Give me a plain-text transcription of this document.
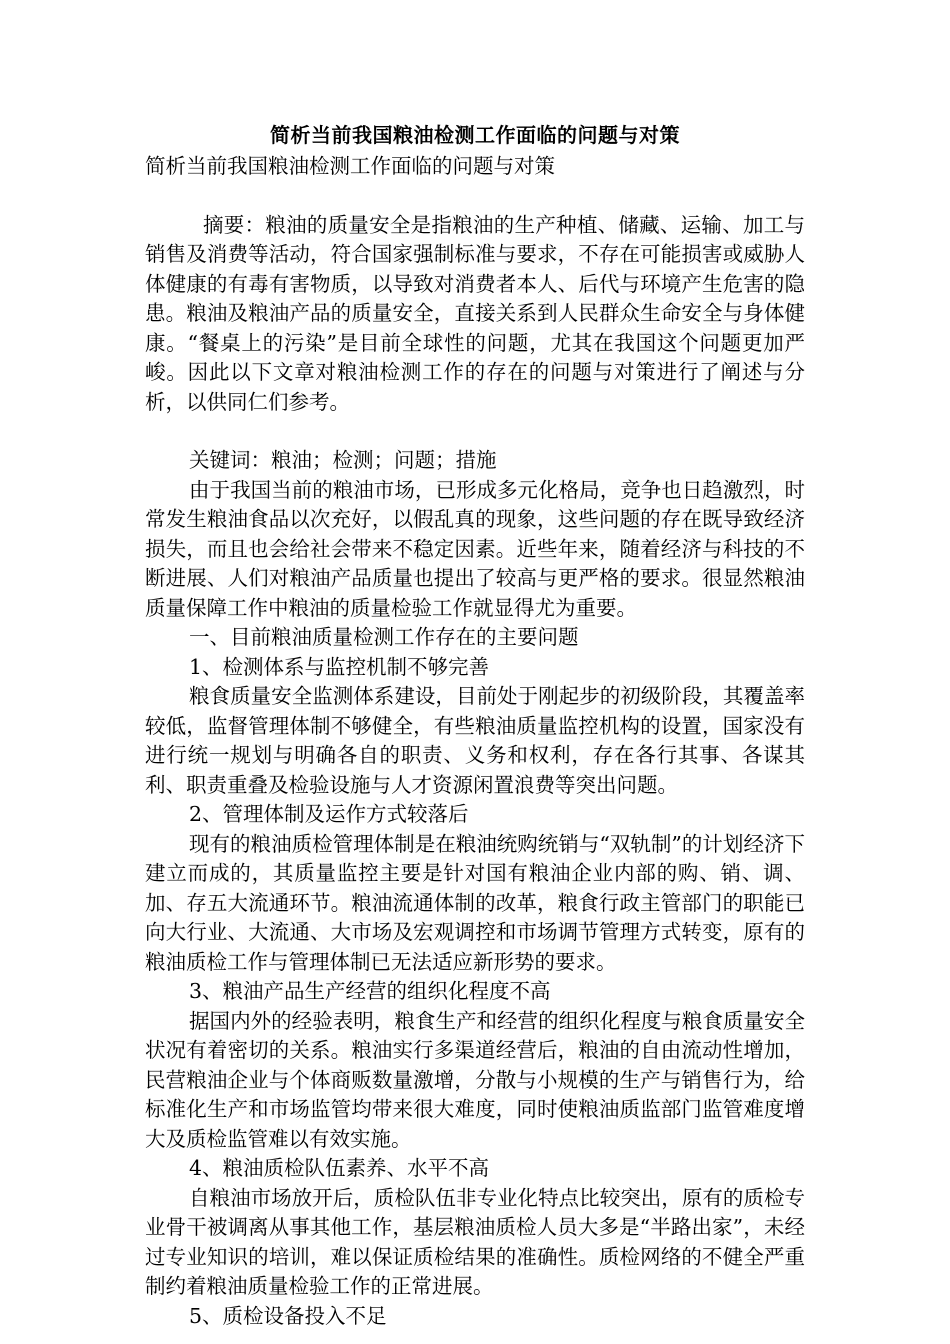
简析当前我国粮油检测工作面临的问题与对策

简析当前我国粮油检测工作面临的问题与对策

摘要：粮油的质量安全是指粮油的生产种植、储藏、运输、加工与销售及消费等活动，符合国家强制标准与要求，不存在可能损害或威胁人体健康的有毒有害物质，以导致对消费者本人、后代与环境产生危害的隐患。粮油及粮油产品的质量安全，直接关系到人民群众生命安全与身体健康。“餐桌上的污染”是目前全球性的问题，尤其在我国这个问题更加严峻。因此以下文章对粮油检测工作的存在的问题与对策进行了阐述与分析，以供同仁们参考。

关键词：粮油；检测；问题；措施

由于我国当前的粮油市场，已形成多元化格局，竞争也日趋激烈，时常发生粮油食品以次充好，以假乱真的现象，这些问题的存在既导致经济损失，而且也会给社会带来不稳定因素。近些年来，随着经济与科技的不断进展、人们对粮油产品质量也提出了较高与更严格的要求。很显然粮油质量保障工作中粮油的质量检验工作就显得尤为重要。

一、目前粮油质量检测工作存在的主要问题

1、检测体系与监控机制不够完善

粮食质量安全监测体系建设，目前处于刚起步的初级阶段，其覆盖率较低，监督管理体制不够健全，有些粮油质量监控机构的设置，国家没有进行统一规划与明确各自的职责、义务和权利，存在各行其事、各谋其利、职责重叠及检验设施与人才资源闲置浪费等突出问题。

2、管理体制及运作方式较落后

现有的粮油质检管理体制是在粮油统购统销与“双轨制”的计划经济下建立而成的，其质量监控主要是针对国有粮油企业内部的购、销、调、加、存五大流通环节。粮油流通体制的改革，粮食行政主管部门的职能已向大行业、大流通、大市场及宏观调控和市场调节管理方式转变，原有的粮油质检工作与管理体制已无法适应新形势的要求。

3、粮油产品生产经营的组织化程度不高

据国内外的经验表明，粮食生产和经营的组织化程度与粮食质量安全状况有着密切的关系。粮油实行多渠道经营后，粮油的自由流动性增加，民营粮油企业与个体商贩数量激增，分散与小规模的生产与销售行为，给标准化生产和市场监管均带来很大难度，同时使粮油质监部门监管难度增大及质检监管难以有效实施。

4、粮油质检队伍素养、水平不高

自粮油市场放开后，质检队伍非专业化特点比较突出，原有的质检专业骨干被调离从事其他工作，基层粮油质检人员大多是“半路出家”，未经过专业知识的培训，难以保证质检结果的准确性。质检网络的不健全严重制约着粮油质量检验工作的正常进展。

5、质检设备投入不足
